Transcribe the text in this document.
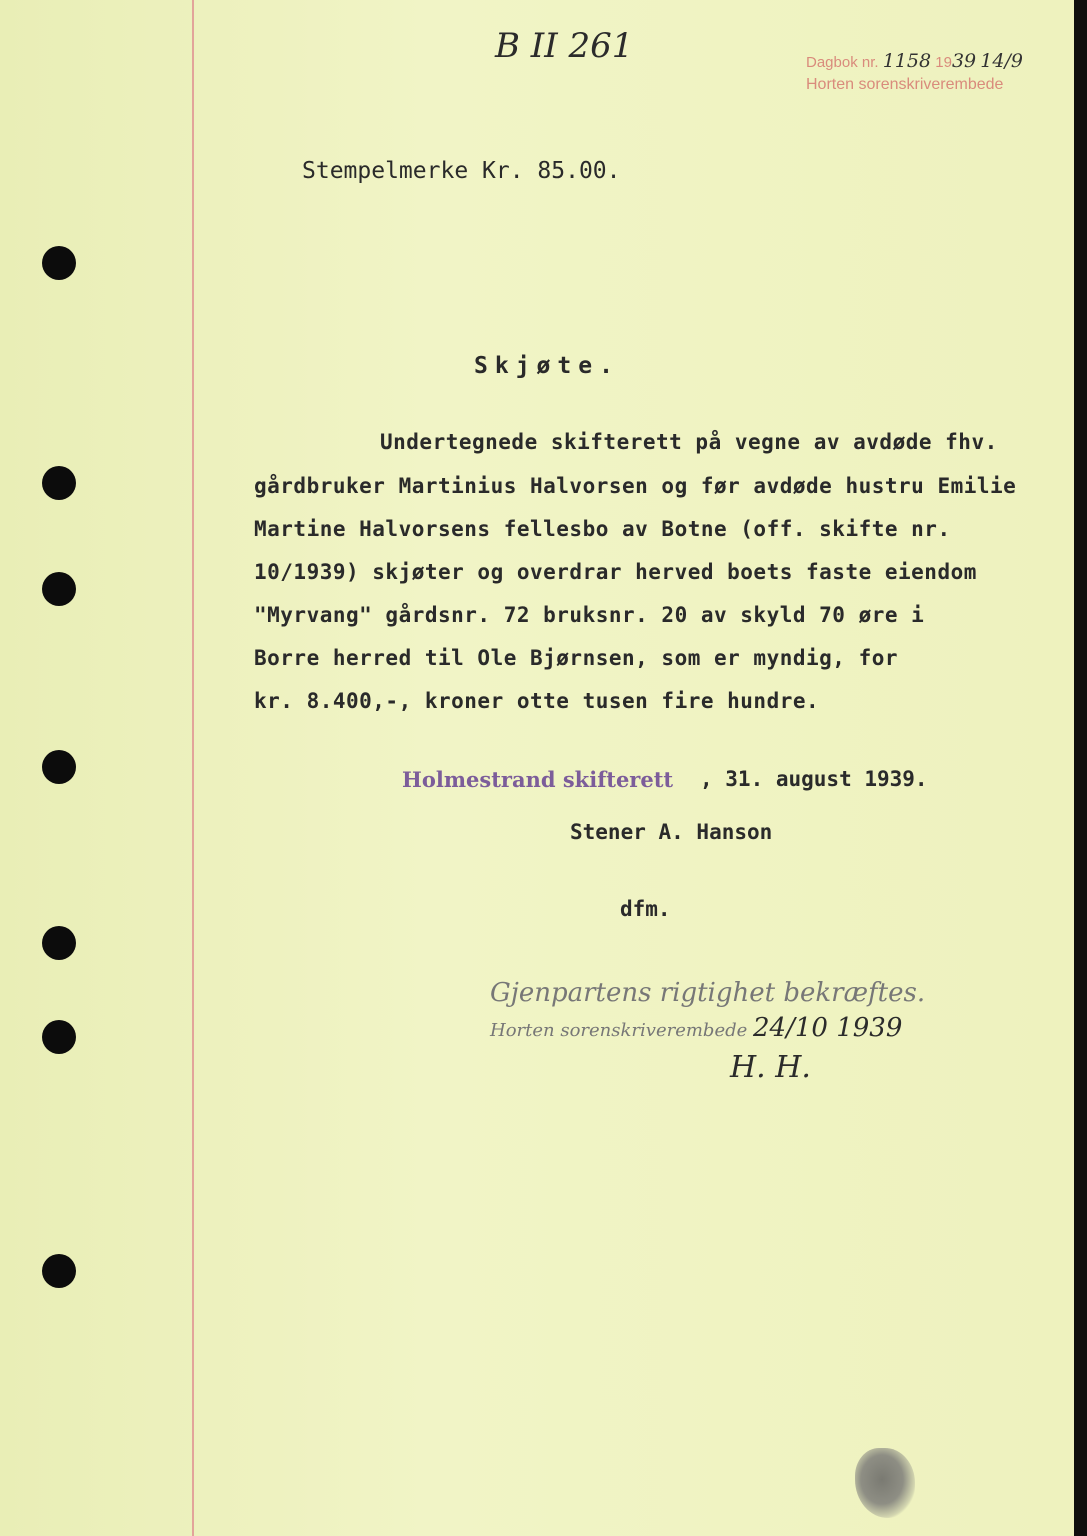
B II 261	Dagbok nr. 1158 1939 14/9

Horten sorenskriverembede

Stempelmerke Kr. 85.00.

Skjøte.

Undertegnede skifterett på vegne av avdøde fhv.

gårdbruker Martinius Halvorsen og før avdøde hustru Emilie

Martine Halvorsens fellesbo av Botne (off. skifte nr.

10/1939) skjøter og overdrar herved boets faste eiendom

"Myrvang" gårdsnr. 72 bruksnr. 20 av skyld 70 øre i

Borre herred til Ole Bjørnsen, som er myndig, for

kr. 8.400,-, kroner otte tusen fire hundre.

Holmestrand skifterett , 31. august 1939.

Stener A. Hanson

dfm.

Gjenpartens rigtighet bekræftes.

Horten sorenskriverembede 24/10 1939

H. H.
